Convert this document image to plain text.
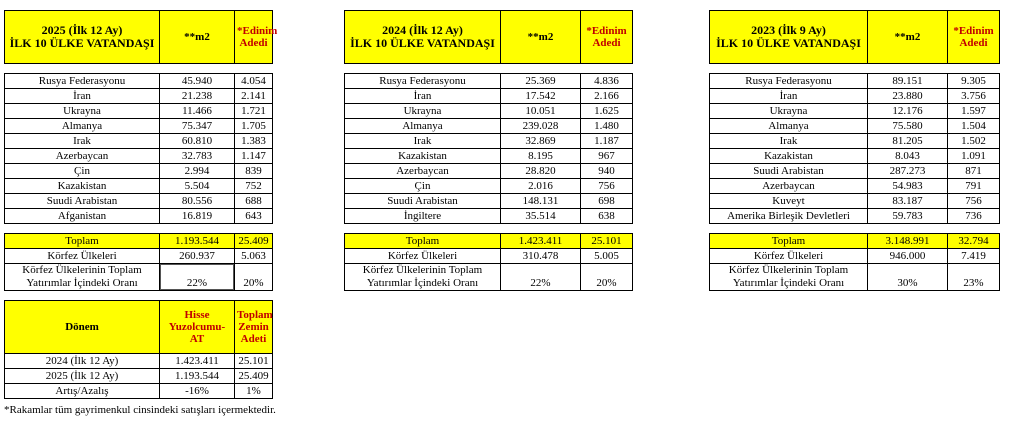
2025 (İlk 12 Ay)
İLK 10 ÜLKE VATANDAŞI	**m2	*Edinim Adedi

Rusya Federasyonu	45.940	4.054
İran	21.238	2.141
Ukrayna	11.466	1.721
Almanya	75.347	1.705
Irak	60.810	1.383
Azerbaycan	32.783	1.147
Çin	2.994	839
Kazakistan	5.504	752
Suudi Arabistan	80.556	688
Afganistan	16.819	643

Toplam	1.193.544	25.409
Körfez Ülkeleri	260.937	5.063

Körfez Ülkelerinin Toplam
Yatırımlar İçindeki Oranı	22%	20%
2024 (İlk 12 Ay)
İLK 10 ÜLKE VATANDAŞI	**m2	*Edinim Adedi

Rusya Federasyonu	25.369	4.836
İran	17.542	2.166
Ukrayna	10.051	1.625
Almanya	239.028	1.480
Irak	32.869	1.187
Kazakistan	8.195	967
Azerbaycan	28.820	940
Çin	2.016	756
Suudi Arabistan	148.131	698
İngiltere	35.514	638

Toplam	1.423.411	25.101
Körfez Ülkeleri	310.478	5.005

Körfez Ülkelerinin Toplam
Yatırımlar İçindeki Oranı	22%	20%
2023 (İlk 9 Ay)
İLK 10 ÜLKE VATANDAŞI	**m2	*Edinim Adedi

Rusya Federasyonu	89.151	9.305
İran	23.880	3.756
Ukrayna	12.176	1.597
Almanya	75.580	1.504
Irak	81.205	1.502
Kazakistan	8.043	1.091
Suudi Arabistan	287.273	871
Azerbaycan	54.983	791
Kuveyt	83.187	756
Amerika Birleşik Devletleri	59.783	736

Toplam	3.148.991	32.794
Körfez Ülkeleri	946.000	7.419

Körfez Ülkelerinin Toplam
Yatırımlar İçindeki Oranı	30%	23%
Dönem	Hisse Yuzolcumu-AT	Toplam Zemin Adeti
2024 (İlk 12 Ay)	1.423.411	25.101
2025 (İlk 12 Ay)	1.193.544	25.409
Artış/Azalış	-16%	1%
*Rakamlar tüm gayrimenkul cinsindeki satışları içermektedir.
